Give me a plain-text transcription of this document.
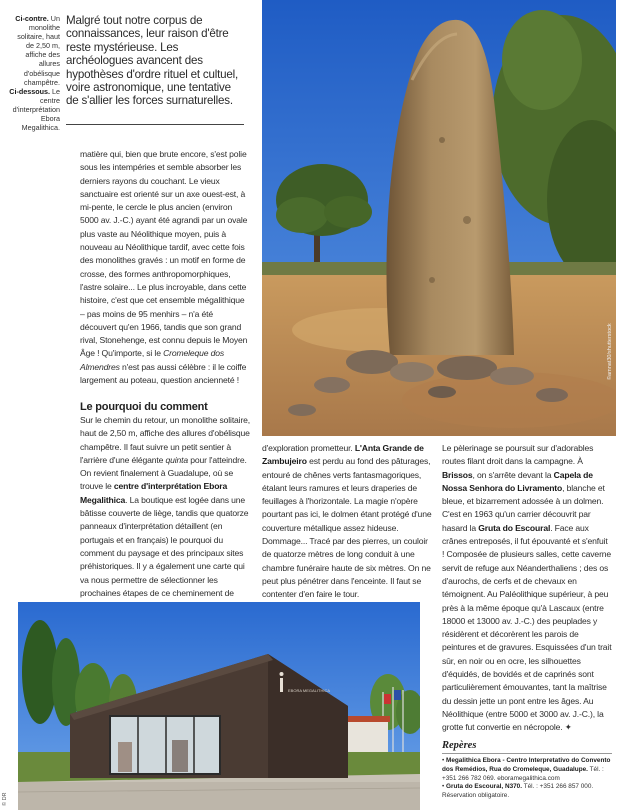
Ci-contre. Un monolithe solitaire, haut de 2,50 m, affiche des allures d'obélisque champêtre.
Ci-dessous. Le centre d'interprétation Ebora Megalithica.
Malgré tout notre corpus de connaissances, leur raison d'être reste mystérieuse. Les archéologues avancent des hypothèses d'ordre rituel et cultuel, voire astronomique, une tentative de s'allier les forces surnaturelles.
matière qui, bien que brute encore, s'est polie sous les intempéries et semble absorber les derniers rayons du couchant. Le vieux sanctuaire est orienté sur un axe ouest-est, à mi-pente, le cercle le plus ancien (environ 5000 av. J.-C.) ayant été agrandi par un ovale plus vaste au Néolithique moyen, puis à nouveau au Néolithique tardif, avec cette fois des monolithes gravés : un motif en forme de crosse, des formes anthropomorphiques, l'astre solaire... Le plus incroyable, dans cette histoire, c'est que cet ensemble mégalithique – pas moins de 95 menhirs – n'a été découvert qu'en 1966, tandis que son grand rival, Stonehenge, est connu depuis le Moyen Âge ! Qu'importe, si le Cromeleque dos Almendres n'est pas aussi célèbre : il le coiffe largement au poteau, question ancienneté !
Le pourquoi du comment
Sur le chemin du retour, un monolithe solitaire, haut de 2,50 m, affiche des allures d'obélisque champêtre. Il faut suivre un petit sentier à l'arrière d'une élégante quinta pour l'atteindre. On revient finalement à Guadalupe, où se trouve le centre d'interprétation Ebora Megalithica. La boutique est logée dans une bâtisse couverte de liège, tandis que quatorze panneaux d'interprétation détaillent (en portugais et en français) le pourquoi du comment du paysage et des principaux sites préhistoriques. Il y a également une carte qui va nous permettre de sélectionner les prochaines étapes de ce cheminement de
d'exploration prometteur. L'Anta Grande de Zambujeiro est perdu au fond des pâturages, entouré de chênes verts fantasmagoriques, étalant leurs ramures et leurs draperies de feuillages à l'horizontale. La magie n'opère pourtant pas ici, le dolmen étant protégé d'une couverture métallique assez hideuse. Dommage... Tracé par des pierres, un couloir de quatorze mètres de long conduit à une chambre funéraire haute de six mètres. On ne peut plus pénétrer dans l'enceinte. Il faut se contenter d'en faire le tour.
Le pèlerinage se poursuit sur d'adorables routes filant droit dans la campagne. À Brissos, on s'arrête devant la Capela de Nossa Senhora do Livramento, blanche et bleue, et bizarrement adossée à un dolmen. C'est en 1963 qu'un carrier découvrit par hasard la Gruta do Escoural. Face aux crânes entreposés, il fut épouvanté et s'enfuit ! Composée de plusieurs salles, cette caverne servit de refuge aux Néanderthaliens ; des os d'aurochs, de cerfs et de chevaux en témoignent. Au Paléolithique supérieur, à peu près à la même époque qu'à Lascaux (entre 18000 et 13000 av. J.-C.) des peuplades y résidèrent et décorèrent les parois de peintures et de gravures. Esquissées d'un trait sûr, en noir ou en ocre, les silhouettes d'équidés, de bovidés et de caprinés sont particulièrement émouvantes, tant la maîtrise du dessin jette un pont entre les âges. Au Néolithique (entre 5000 et 3000 av. J.-C.), la grotte fut convertie en nécropole. ✦
©amnat30/shutterstock
EBORA MEGALITHICA
© DR
Repères
• Megalithica Ebora - Centro Interpretativo do Convento dos Remédios, Rua do Cromeleque, Guadalupe. Tél. : +351 266 782 069. eboramegalithica.com
• Gruta do Escoural, N370. Tél. : +351 266 857 000. Réservation obligatoire.
